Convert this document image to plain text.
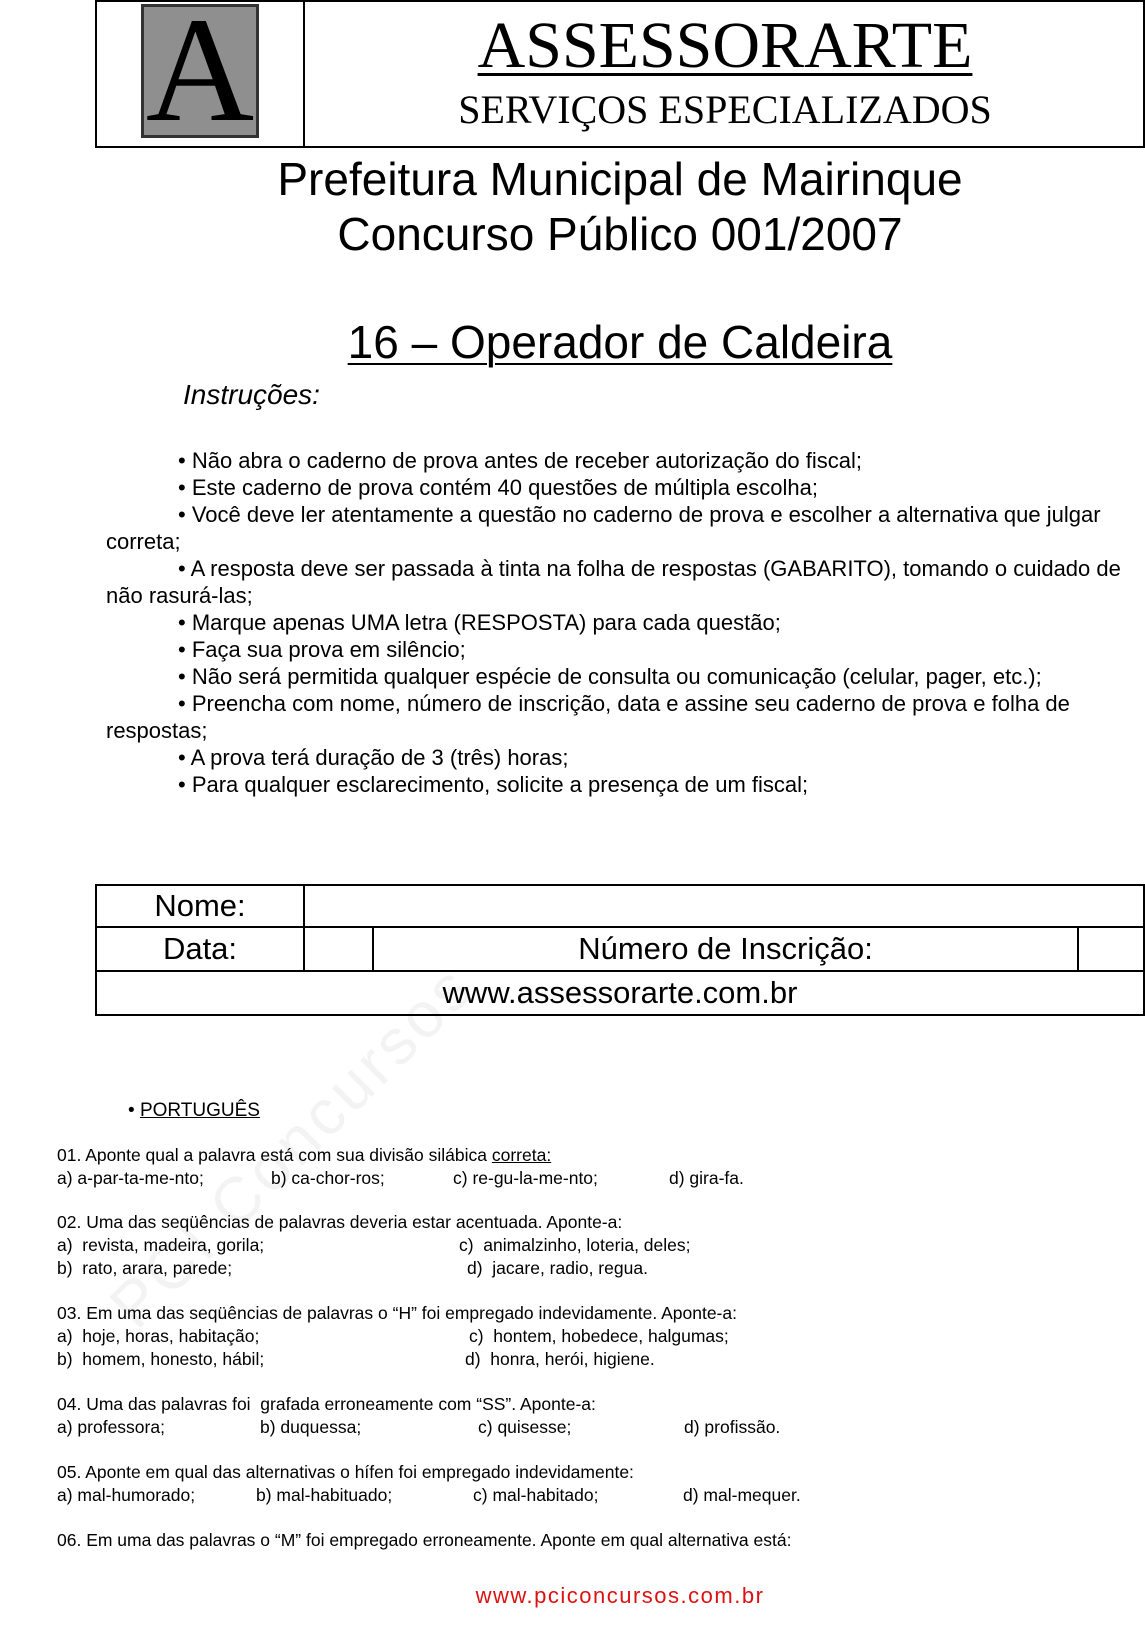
A	ASSESSORARTE
SERVIÇOS ESPECIALIZADOS
Prefeitura Municipal de Mairinque
Concurso Público 001/2007
16 – Operador de Caldeira
Instruções:

• Não abra o caderno de prova antes de receber autorização do fiscal;

• Este caderno de prova contém 40 questões de múltipla escolha;

• Você deve ler atentamente a questão no caderno de prova e escolher a alternativa que julgar correta;

• A resposta deve ser passada à tinta na folha de respostas (GABARITO), tomando o cuidado de não rasurá-las;

• Marque apenas UMA letra (RESPOSTA) para cada questão;

• Faça sua prova em silêncio;

• Não será permitida qualquer espécie de consulta ou comunicação (celular, pager, etc.);

• Preencha com nome, número de inscrição, data e assine seu caderno de prova e folha de respostas;

• A prova terá duração de 3 (três) horas;

• Para qualquer esclarecimento, solicite a presença de um fiscal;

Nome:
Data:	Número de Inscrição:
www.assessorarte.com.br
• PORTUGUÊS
01. Aponte qual a palavra está com sua divisão silábica correta:
a) a-par-ta-me-nto;	b) ca-chor-ros;	c) re-gu-la-me-nto;	d) gira-fa.
02. Uma das seqüências de palavras deveria estar acentuada. Aponte-a:
a)  revista, madeira, gorila;	c)  animalzinho, loteria, deles;
b)  rato, arara, parede;	d)  jacare, radio, regua.
03. Em uma das seqüências de palavras o “H” foi empregado indevidamente. Aponte-a:
a)  hoje, horas, habitação;	c)  hontem, hobedece, halgumas;
b)  homem, honesto, hábil;	d)  honra, herói, higiene.
04. Uma das palavras foi  grafada erroneamente com “SS”. Aponte-a:
a) professora;	b) duquessa;	c) quisesse;	d) profissão.
05. Aponte em qual das alternativas o hífen foi empregado indevidamente:
a) mal-humorado;	b) mal-habituado;	c) mal-habitado;	d) mal-mequer.
06. Em uma das palavras o “M” foi empregado erroneamente. Aponte em qual alternativa está:
www.pciconcursos.com.br
